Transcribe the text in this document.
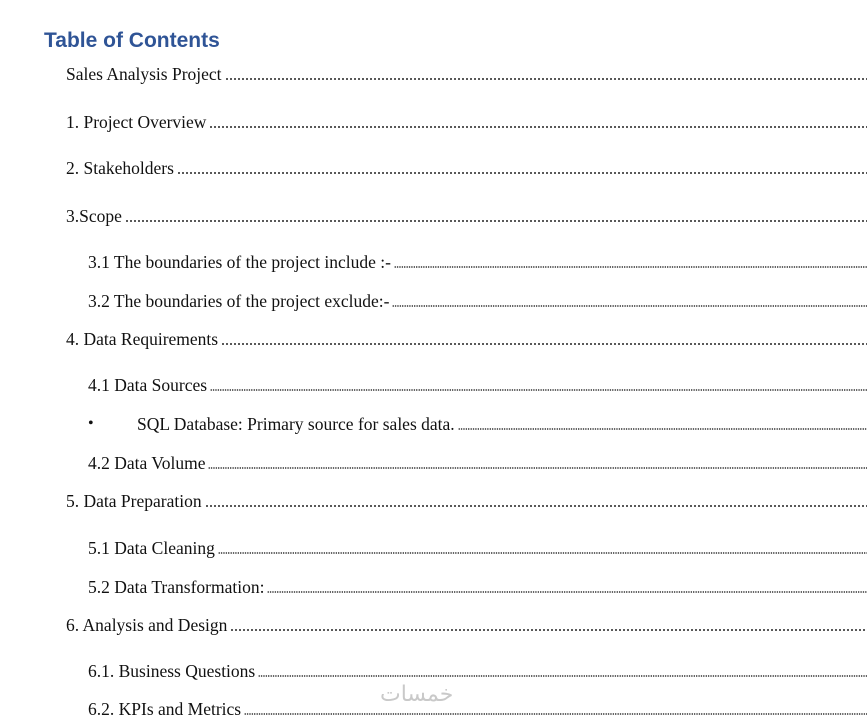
Table of Contents
Sales Analysis Project
1. Project Overview
2. Stakeholders
3.Scope
3.1 The boundaries of the project include :-
3.2 The boundaries of the project exclude:-
4. Data Requirements
4.1 Data Sources
•	SQL Database: Primary source for sales data.
4.2 Data Volume
5. Data Preparation
5.1 Data Cleaning
5.2 Data Transformation:
6. Analysis and Design
6.1. Business Questions
6.2. KPIs and Metrics
خمسات
